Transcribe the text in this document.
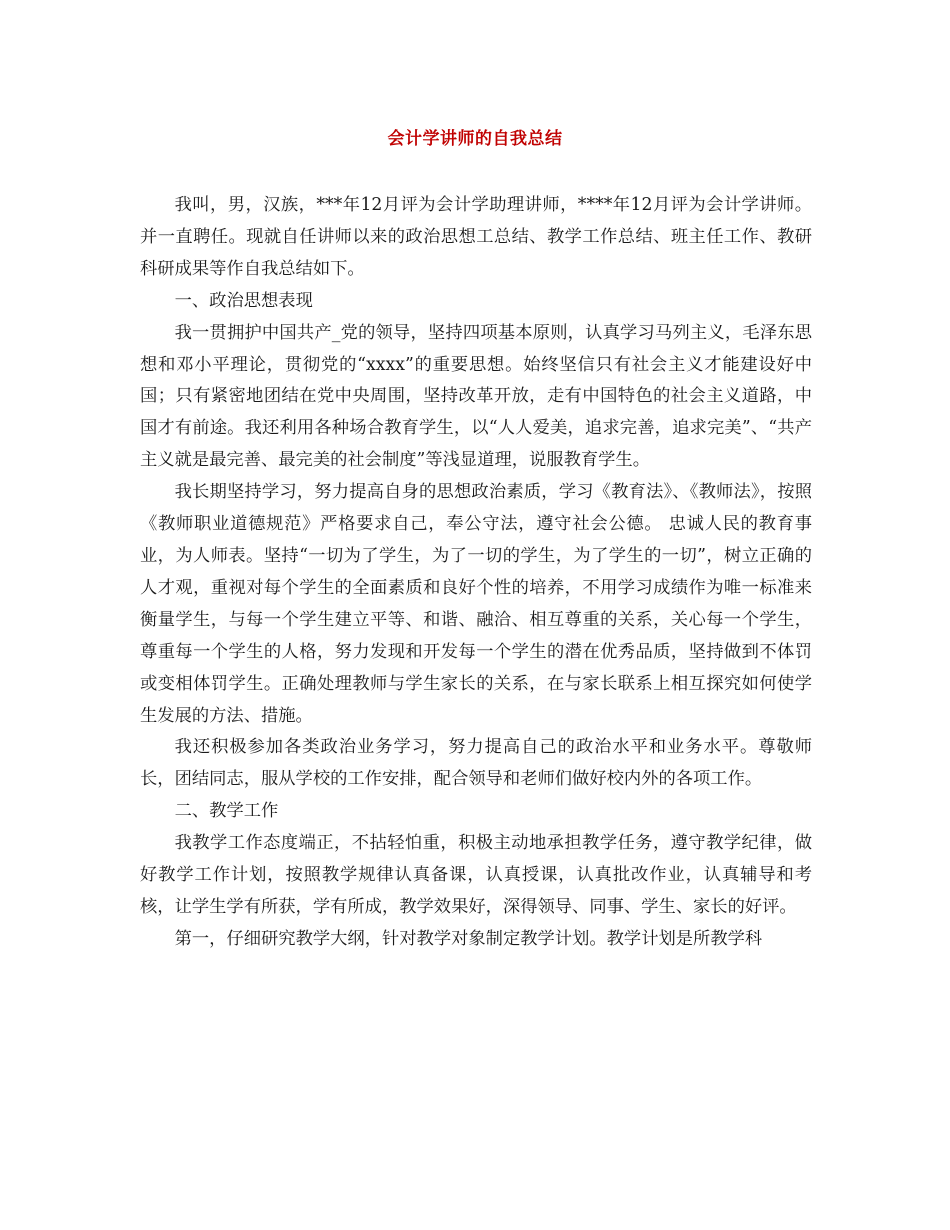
会计学讲师的自我总结

我叫，男，汉族，***年12月评为会计学助理讲师，****年12月评为会计学讲师。并一直聘任。现就自任讲师以来的政治思想工总结、教学工作总结、班主任工作、教研科研成果等作自我总结如下。

一、政治思想表现

我一贯拥护中国共产_党的领导，坚持四项基本原则，认真学习马列主义，毛泽东思想和邓小平理论，贯彻党的“xxxx”的重要思想。始终坚信只有社会主义才能建设好中国；只有紧密地团结在党中央周围，坚持改革开放，走有中国特色的社会主义道路，中国才有前途。我还利用各种场合教育学生，以“人人爱美，追求完善，追求完美”、“共产主义就是最完善、最完美的社会制度”等浅显道理，说服教育学生。

我长期坚持学习，努力提高自身的思想政治素质，学习《教育法》、《教师法》，按照《教师职业道德规范》严格要求自己，奉公守法，遵守社会公德。 忠诚人民的教育事业，为人师表。坚持“一切为了学生，为了一切的学生，为了学生的一切”，树立正确的人才观，重视对每个学生的全面素质和良好个性的培养，不用学习成绩作为唯一标准来衡量学生，与每一个学生建立平等、和谐、融洽、相互尊重的关系，关心每一个学生，尊重每一个学生的人格，努力发现和开发每一个学生的潜在优秀品质，坚持做到不体罚或变相体罚学生。正确处理教师与学生家长的关系，在与家长联系上相互探究如何使学生发展的方法、措施。

我还积极参加各类政治业务学习，努力提高自己的政治水平和业务水平。尊敬师长，团结同志，服从学校的工作安排，配合领导和老师们做好校内外的各项工作。

二、教学工作

我教学工作态度端正，不拈轻怕重，积极主动地承担教学任务，遵守教学纪律，做好教学工作计划，按照教学规律认真备课，认真授课，认真批改作业，认真辅导和考核，让学生学有所获，学有所成，教学效果好，深得领导、同事、学生、家长的好评。

第一，仔细研究教学大纲，针对教学对象制定教学计划。教学计划是所教学科
